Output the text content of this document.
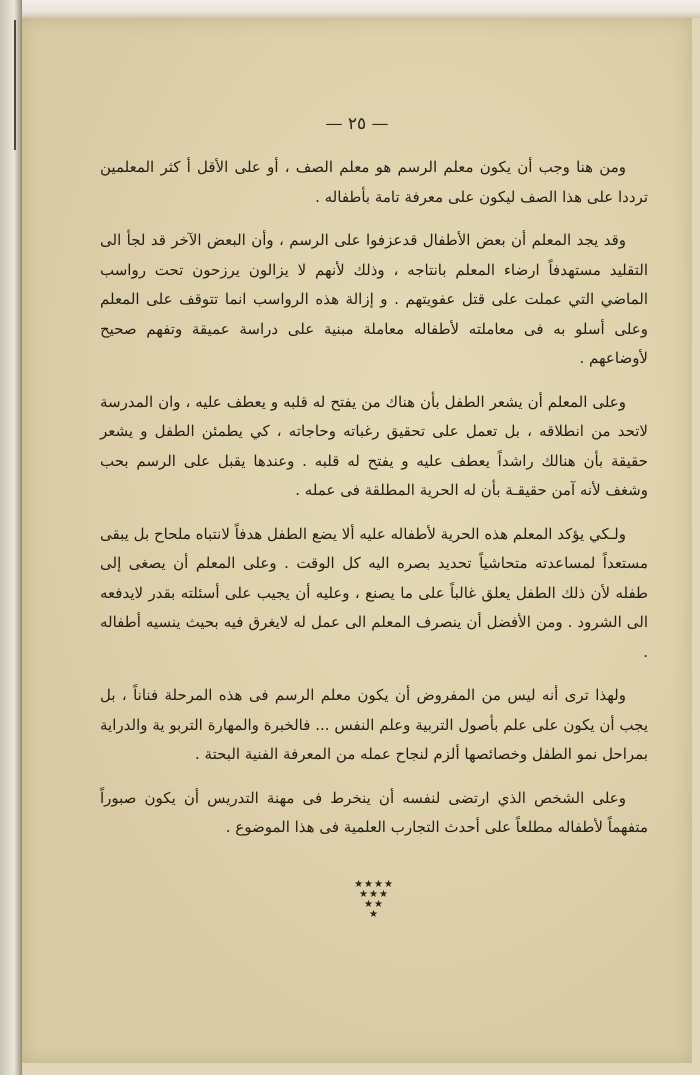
— ٢٥ —

ومن هنا وجب أن يكون معلم الرسم هو معلم الصف ، أو على الأقل أ كثر المعلمين ترددا على هذا الصف ليكون على معرفة تامة بأطفاله .

وقد يجد المعلم أن بعض الأطفال قدعزفوا على الرسم ، وأن البعض الآخر قد لجأ الى التقليد مستهدفاً ارضاء المعلم بانتاجه ، وذلك لأنهم لا يزالون يرزحون تحت رواسب الماضي التي عملت على قتل عفويتهم . و إزالة هذه الرواسب انما تتوقف على المعلم وعلى أسلو به فى معاملته لأطفاله معاملة مبنية على دراسة عميقة وتفهم صحيح لأوضاعهم .

وعلى المعلم أن يشعر الطفل بأن هناك من يفتح له قلبه و يعطف عليه ، وان المدرسة لاتحد من انطلاقه ، بل تعمل على تحقيق رغباته وحاجاته ، كي يطمئن الطفل و يشعر حقيقة بأن هنالك راشداً يعطف عليه و يفتح له قلبه . وعندها يقبل على الرسم بحب وشغف لأنه آمن حقيقـة بأن له الحرية المطلقة فى عمله .

ولـكي يؤكد المعلم هذه الحرية لأطفاله عليه ألا يضع الطفل هدفاً لانتباه ملحاح بل يبقى مستعداً لمساعدته متحاشياً تحديد بصره اليه كل الوقت . وعلى المعلم أن يصغى إلى طفله لأن ذلك الطفل يعلق غالباً على ما يصنع ، وعليه أن يجيب على أسئلته بقدر لايدفعه الى الشرود . ومن الأفضل أن ينصرف المعلم الى عمل له لايغرق فيه بحيث ينسيه أطفاله .

ولهذا ترى أنه ليس من المفروض أن يكون معلم الرسم فى هذه المرحلة فناناً ، بل يجب أن يكون على علم بأصول التربية وعلم النفس ... فالخبرة والمهارة التربو ية والدراية بمراحل نمو الطفل وخصائصها ألزم لنجاح عمله من المعرفة الفنية البحتة .

وعلى الشخص الذي ارتضى لنفسه أن ينخرط فى مهنة التدريس أن يكون صبوراً متفهماً لأطفاله مطلعاً على أحدث التجارب العلمية فى هذا الموضوع .

★★★★
★★★
★★
★
